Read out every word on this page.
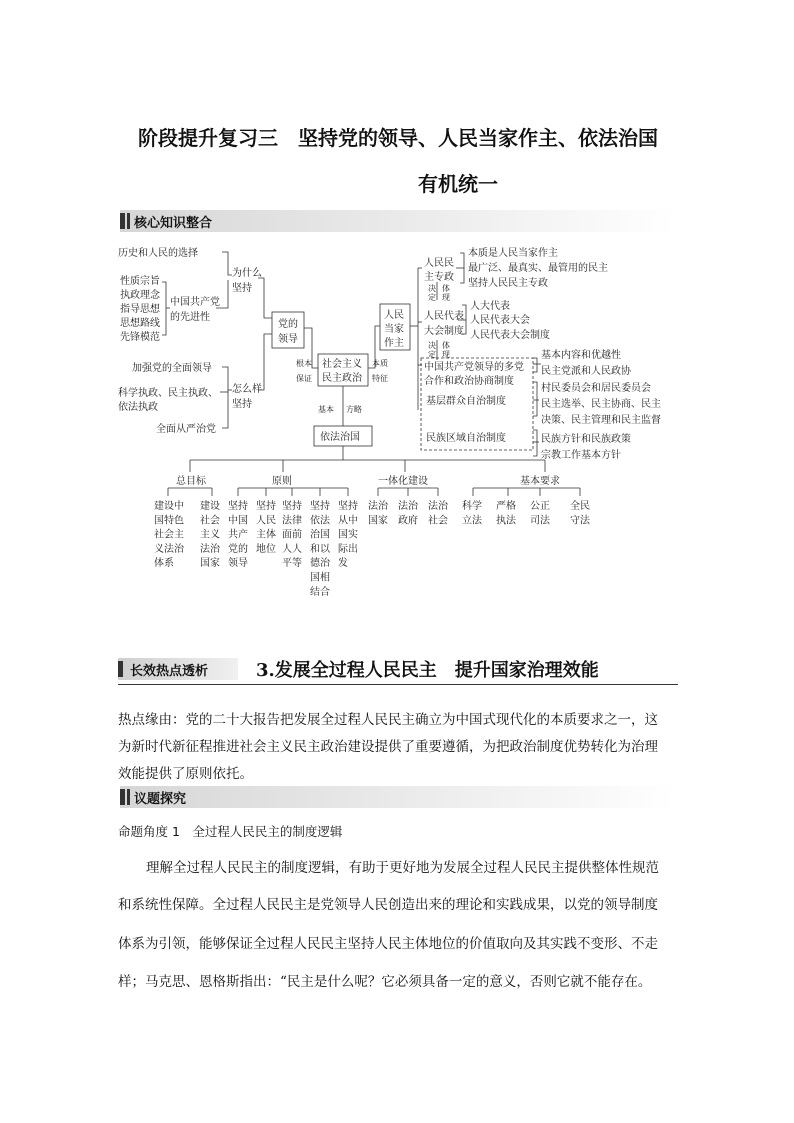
阶段提升复习三　坚持党的领导、人民当家作主、依法治国
有机统一
核心知识整合
历史和人民的选择
为什么
坚持
性质宗旨
执政理念
指导思想
思想路线
先锋模范
中国共产党
的先进性
加强党的全面领导
科学执政、民主执政、
依法执政
全面从严治党
怎么样
坚持
党的
领导
社会主义
民主政治
人民
当家
作主
依法治国
人民民
主专政
本质是人民当家作主
最广泛、最真实、最管用的民主
坚持人民民主专政
人民代表
大会制度
人大代表
人民代表大会
人民代表大会制度
中国共产党领导的多党
合作和政治协商制度
基层群众自治制度
民族区域自治制度
基本内容和优越性
民主党派和人民政协
村民委员会和居民委员会
民主选举、民主协商、民主
决策、民主管理和民主监督
民族方针和民族政策
宗教工作基本方针
总目标	原则	一体化建设	基本要求
根本
保证
本质
特征
基本 方略
决
定
体
现
决
定
体
现
建设中
国特色
社会主
义法治
体系
建设
社会
主义
法治
国家
坚持
中国
共产
党的
领导
坚持
人民
主体
地位
坚持
法律
面前
人人
平等
坚持
依法
治国
和以
德治
国相
结合
坚持
从中
国实
际出
发
法治
国家
法治
政府
法治
社会
科学
立法
严格
执法
公正
司法
全民
守法
长效热点透析	3.发展全过程人民民主　提升国家治理效能
热点缘由：党的二十大报告把发展全过程人民民主确立为中国式现代化的本质要求之一，这
为新时代新征程推进社会主义民主政治建设提供了重要遵循，为把政治制度优势转化为治理
效能提供了原则依托。
议题探究
命题角度 1　全过程人民民主的制度逻辑
理解全过程人民民主的制度逻辑，有助于更好地为发展全过程人民民主提供整体性规范
和系统性保障。全过程人民民主是党领导人民创造出来的理论和实践成果，以党的领导制度
体系为引领，能够保证全过程人民民主坚持人民主体地位的价值取向及其实践不变形、不走
样；马克思、恩格斯指出：“民主是什么呢？它必须具备一定的意义，否则它就不能存在。
